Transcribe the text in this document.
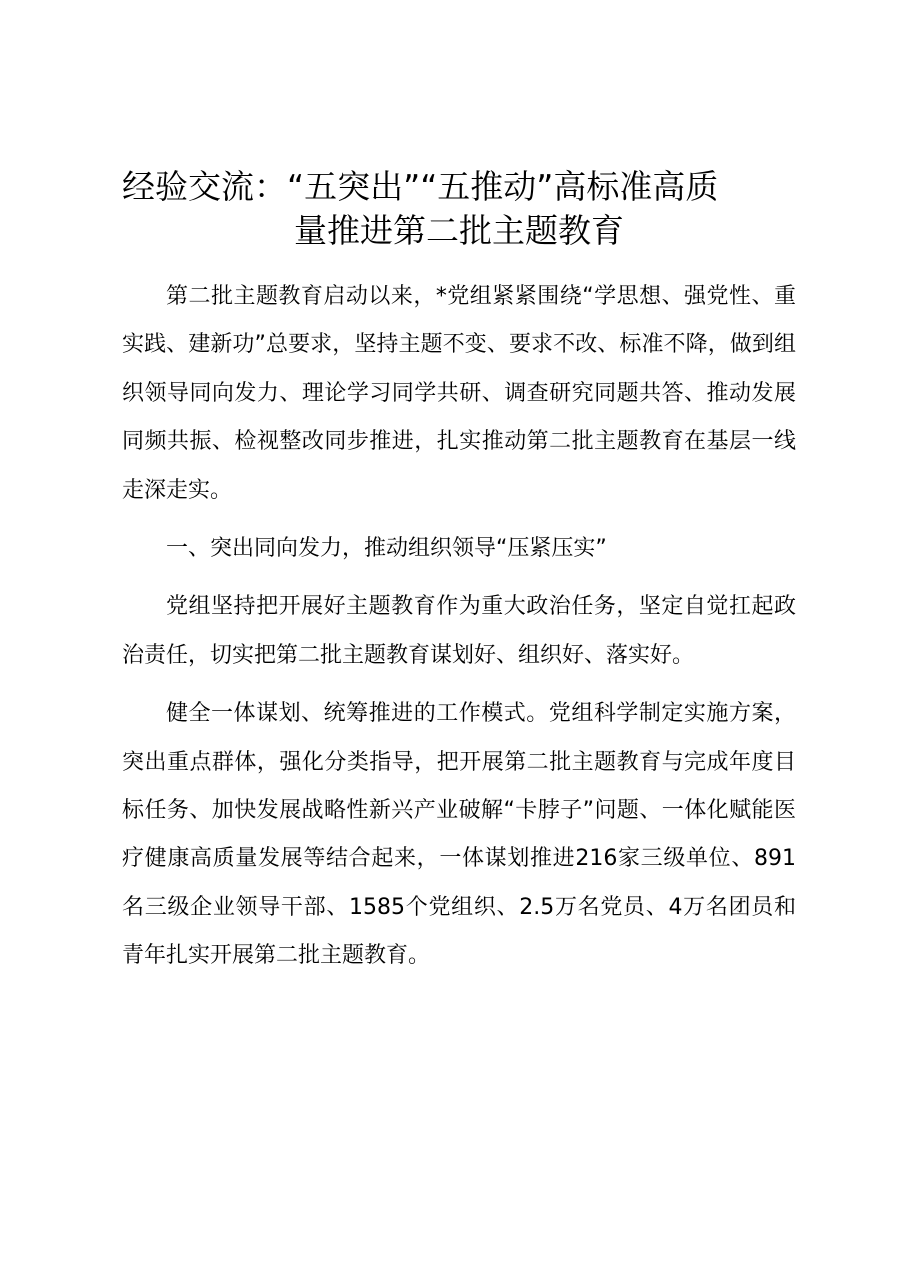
经验交流：“五突出”“五推动”高标准高质
量推进第二批主题教育

第二批主题教育启动以来，*党组紧紧围绕“学思想、强党性、重实践、建新功”总要求，坚持主题不变、要求不改、标准不降，做到组织领导同向发力、理论学习同学共研、调查研究同题共答、推动发展同频共振、检视整改同步推进，扎实推动第二批主题教育在基层一线走深走实。

一、突出同向发力，推动组织领导“压紧压实”

党组坚持把开展好主题教育作为重大政治任务，坚定自觉扛起政治责任，切实把第二批主题教育谋划好、组织好、落实好。

健全一体谋划、统筹推进的工作模式。党组科学制定实施方案，突出重点群体，强化分类指导，把开展第二批主题教育与完成年度目标任务、加快发展战略性新兴产业破解“卡脖子”问题、一体化赋能医疗健康高质量发展等结合起来，一体谋划推进216家三级单位、891名三级企业领导干部、1585个党组织、2.5万名党员、4万名团员和青年扎实开展第二批主题教育。
